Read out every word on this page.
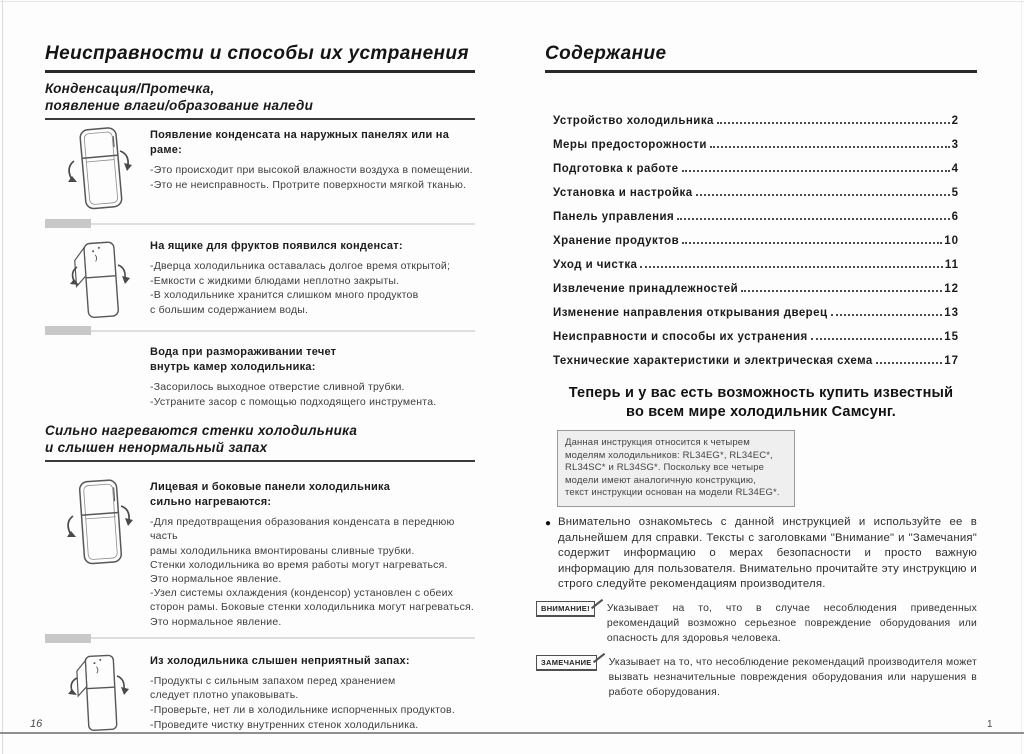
Неисправности и способы их устранения
Конденсация/Протечка,
появление влаги/образование наледи
Появление конденсата на наружных панелях или на раме:
-Это происходит при высокой влажности воздуха в помещении.
-Это не неисправность. Протрите поверхности мягкой тканью.
На ящике для фруктов появился конденсат:
-Дверца холодильника оставалась долгое время открытой;
-Емкости с жидкими блюдами неплотно закрыты.
-В холодильнике хранится слишком много продуктов
с большим содержанием воды.
Вода при размораживании течет
внутрь камер холодильника:
-Засорилось выходное отверстие сливной трубки.
-Устраните засор с помощью подходящего инструмента.
Сильно нагреваются стенки холодильника
и слышен ненормальный запах
Лицевая и боковые панели холодильника
сильно нагреваются:
-Для предотвращения образования конденсата в переднюю часть
рамы холодильника вмонтированы сливные трубки.
Стенки холодильника во время работы могут нагреваться.
Это нормальное явление.
-Узел системы охлаждения (конденсор) установлен с обеих
сторон рамы. Боковые стенки холодильника могут нагреваться.
Это нормальное явление.
Из холодильника слышен неприятный запах:
-Продукты с сильным запахом перед хранением
следует плотно упаковывать.
-Проверьте, нет ли в холодильнике испорченных продуктов.
-Проведите чистку внутренних стенок холодильника.
Содержание
Устройство холодильника	2
Меры предосторожности	3
Подготовка к работе	4
Установка и настройка	5
Панель управления	6
Хранение продуктов	10
Уход и чистка	11
Извлечение принадлежностей	12
Изменение направления открывания дверец	13
Неисправности и способы их устранения	15
Технические характеристики и электрическая схема	17
Теперь и у вас есть возможность купить известный
во всем мире холодильник Самсунг.
Данная инструкция относится к четырем
моделям холодильников: RL34EG*, RL34EC*,
RL34SC* и RL34SG*. Поскольку все четыре
модели имеют аналогичную конструкцию,
текст инструкции основан на модели RL34EG*.
● Внимательно ознакомьтесь с данной инструкцией и используйте ее в дальнейшем для справки. Тексты с заголовками "Внимание" и "Замечания" содержит информацию о мерах безопасности и просто важную информацию для пользователя. Внимательно прочитайте эту инструкцию и строго следуйте рекомендациям производителя.
ВНИМАНИЕ!	Указывает на то, что в случае несоблюдения приведенных рекомендаций возможно серьезное повреждение оборудования или опасность для здоровья человека.
ЗАМЕЧАНИЕ	Указывает на то, что несоблюдение рекомендаций производителя может вызвать незначительные повреждения оборудования или нарушения в работе оборудования.
16	1
